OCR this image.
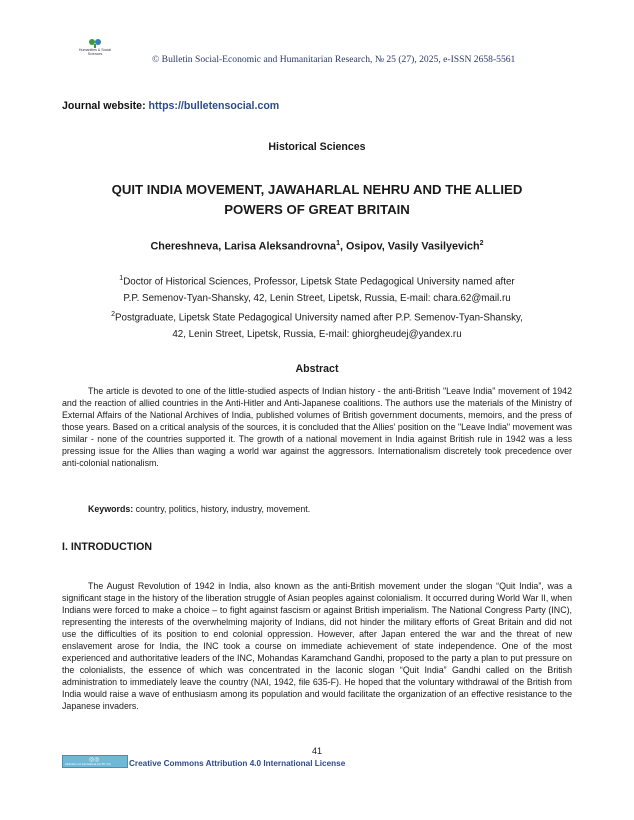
Humanities & Social
Sciences	© Bulletin Social-Economic and Humanitarian Research, № 25 (27), 2025, e-ISSN 2658-5561
Journal website: https://bulletensocial.com
Historical Sciences
QUIT INDIA MOVEMENT, JAWAHARLAL NEHRU AND THE ALLIED
POWERS OF GREAT BRITAIN
Chereshneva, Larisa Aleksandrovna$^1$, Osipov, Vasily Vasilyevich$^2$

$^1$Doctor of Historical Sciences, Professor, Lipetsk State Pedagogical University named after
P.P. Semenov-Tyan-Shansky, 42, Lenin Street, Lipetsk, Russia, E-mail: chara.62@mail.ru

$^2$Postgraduate, Lipetsk State Pedagogical University named after P.P. Semenov-Tyan-Shansky,
42, Lenin Street, Lipetsk, Russia, E-mail: ghiorgheudej@yandex.ru

Abstract

The article is devoted to one of the little-studied aspects of Indian history - the anti-British "Leave India" movement of 1942 and the reaction of allied countries in the Anti-Hitler and Anti-Japanese coalitions. The authors use the materials of the Ministry of External Affairs of the National Archives of India, published volumes of British government documents, memoirs, and the press of those years. Based on a critical analysis of the sources, it is concluded that the Allies' position on the "Leave India" movement was similar - none of the countries supported it. The growth of a national movement in India against British rule in 1942 was a less pressing issue for the Allies than waging a world war against the aggressors. Internationalism discretely took precedence over anti-colonial nationalism.

Keywords: country, politics, history, industry, movement.
I. INTRODUCTION

The August Revolution of 1942 in India, also known as the anti-British movement under the slogan “Quit India”, was a significant stage in the history of the liberation struggle of Asian peoples against colonialism. It occurred during World War II, when Indians were forced to make a choice – to fight against fascism or against British imperialism. The National Congress Party (INC), representing the interests of the overwhelming majority of Indians, did not hinder the military efforts of Great Britain and did not use the difficulties of its position to end colonial oppression. However, after Japan entered the war and the threat of new enslavement arose for India, the INC took a course on immediate achievement of state independence. One of the most experienced and authoritative leaders of the INC, Mohandas Karamchand Gandhi, proposed to the party a plan to put pressure on the colonialists, the essence of which was concentrated in the laconic slogan “Quit India” Gandhi called on the British administration to immediately leave the country (NAI, 1942, file 635-F). He hoped that the voluntary withdrawal of the British from India would raise a wave of enthusiasm among its population and would facilitate the organization of an effective resistance to the Japanese invaders.

41
◎◎
Attribution 4.0 International (CC BY 4.0) Creative Commons Attribution 4.0 International License
